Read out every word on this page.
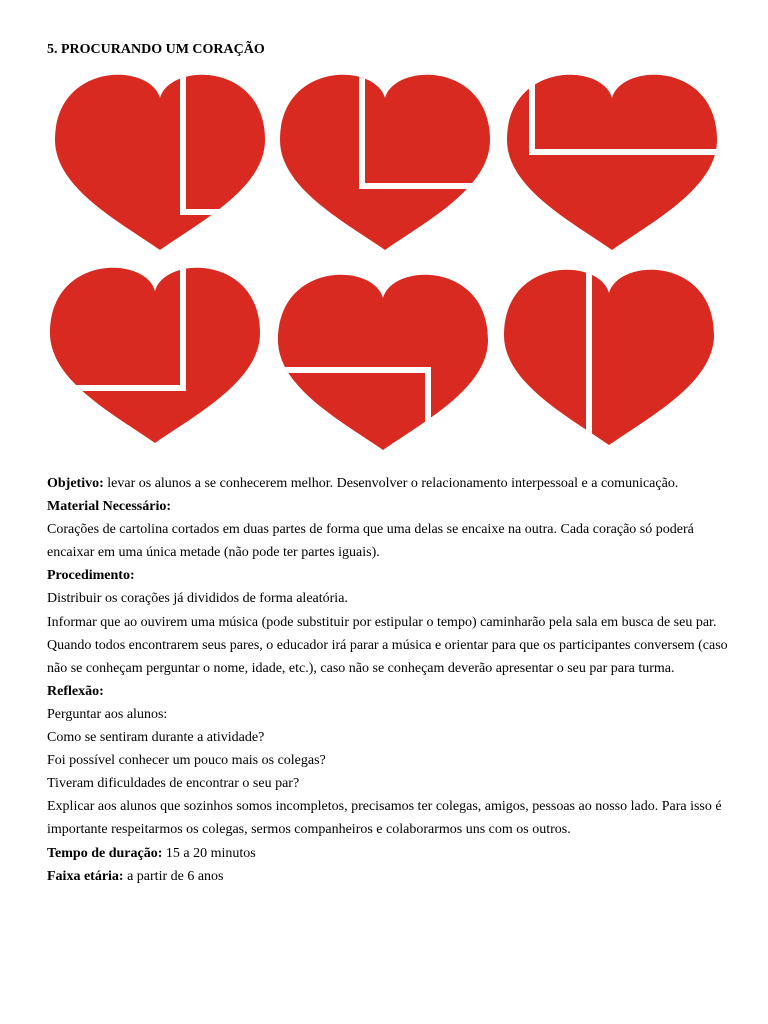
5. PROCURANDO UM CORAÇÃO

Objetivo: levar os alunos a se conhecerem melhor. Desenvolver o relacionamento interpessoal e a comunicação.

Material Necessário:

Corações de cartolina cortados em duas partes de forma que uma delas se encaixe na outra. Cada coração só poderá encaixar em uma única metade (não pode ter partes iguais).

Procedimento:

Distribuir os corações já divididos de forma aleatória.

Informar que ao ouvirem uma música (pode substituir por estipular o tempo) caminharão pela sala em busca de seu par.

Quando todos encontrarem seus pares, o educador irá parar a música e orientar para que os participantes conversem (caso não se conheçam perguntar o nome, idade, etc.), caso não se conheçam deverão apresentar o seu par para turma.

Reflexão:

Perguntar aos alunos:

Como se sentiram durante a atividade?

Foi possível conhecer um pouco mais os colegas?

Tiveram dificuldades de encontrar o seu par?

Explicar aos alunos que sozinhos somos incompletos, precisamos ter colegas, amigos, pessoas ao nosso lado. Para isso é importante respeitarmos os colegas, sermos companheiros e colaborarmos uns com os outros.

Tempo de duração: 15 a 20 minutos

Faixa etária: a partir de 6 anos
